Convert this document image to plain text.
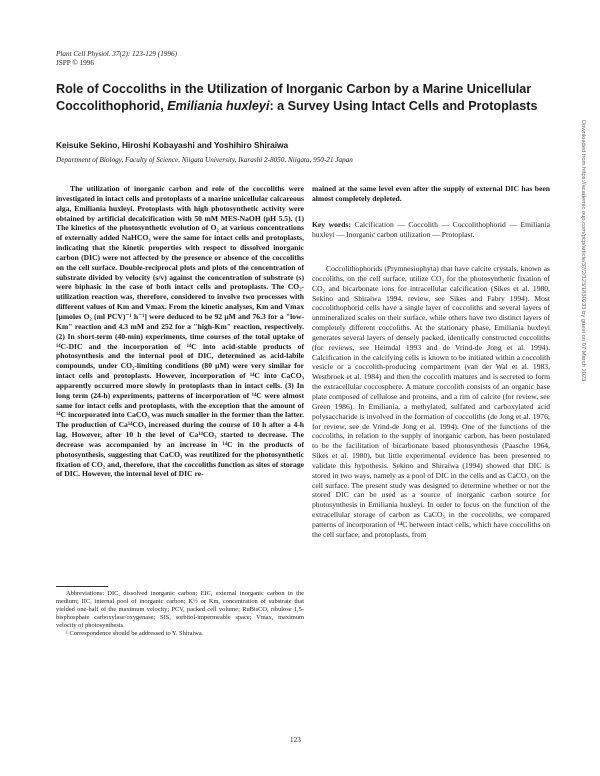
Plant Cell Physiol. 37(2): 123-129 (1996)
JSPP © 1996
Role of Coccoliths in the Utilization of Inorganic Carbon by a Marine Unicellular Coccolithophorid, Emiliania huxleyi: a Survey Using Intact Cells and Protoplasts
Keisuke Sekino, Hiroshi Kobayashi and Yoshihiro Shiraiwa
Department of Biology, Faculty of Science, Niigata University, Ikarashi 2-8050, Niigata, 950-21 Japan

The utilization of inorganic carbon and role of the coccoliths were investigated in intact cells and protoplasts of a marine unicellular calcareous alga, Emiliania huxleyi. Protoplasts with high photosynthetic activity were obtained by artificial decalcification with 50 mM MES-NaOH (pH 5.5). (1) The kinetics of the photosynthetic evolution of O₂ at various concentrations of externally added NaHCO₃ were the same for intact cells and protoplasts, indicating that the kinetic properties with respect to dissolved inorganic carbon (DIC) were not affected by the presence or absence of the coccoliths on the cell surface. Double-reciprocal plots and plots of the concentration of substrate divided by velocity (s/v) against the concentration of substrate (s) were biphasic in the case of both intact cells and protoplasts. The CO₂-utilization reaction was, therefore, considered to involve two processes with different values of Km and Vmax. From the kinetic analyses, Km and Vmax [μmoles O₂ (ml PCV)⁻¹ h⁻¹] were deduced to be 92 μM and 76.3 for a "low-Km" reaction and 4.3 mM and 252 for a "high-Km" reaction, respectively. (2) In short-term (40-min) experiments, time courses of the total uptake of ¹⁴C-DIC and the incorporation of ¹⁴C into acid-stable products of photosynthesis and the internal pool of DIC, determined as acid-labile compounds, under CO₂-limiting conditions (80 μM) were very similar for intact cells and protoplasts. However, incorporation of ¹⁴C into CaCO₃ apparently occurred more slowly in protoplasts than in intact cells. (3) In long term (24-h) experiments, patterns of incorporation of ¹⁴C were almost same for intact cells and protoplasts, with the exception that the amount of ¹⁴C incorporated into CaCO₃ was much smaller in the former than the latter. The production of Ca¹⁴CO₃ increased during the course of 10 h after a 4-h lag. However, after 10 h the level of Ca¹⁴CO₃ started to decrease. The decrease was accompanied by an increase in ¹⁴C in the products of photosynthesis, suggesting that CaCO₃ was reutilized for the photosynthetic fixation of CO₂ and, therefore, that the coccoliths function as sites of storage of DIC. However, the internal level of DIC re-

mained at the same level even after the supply of external DIC has been almost completely depleted.

Key words: Calcification — Coccolith — Coccolithophorid — Emiliania huxleyi — Inorganic carbon utilization — Protoplast.

Coccolithophorids (Prymnesiophyta) that have calcite crystals, known as coccoliths, on the cell surface, utilize CO₂ for the photosynthetic fixation of CO₂ and bicarbonate ions for intracellular calcification (Sikes et al. 1980, Sekino and Shiraiwa 1994, review, see Sikes and Fabry 1994). Most coccolithophorid cells have a single layer of coccoliths and several layers of unmineralized scales on their surface, while others have two distinct layers of completely different coccoliths. At the stationary phase, Emiliania huxleyi generates several layers of densely packed, identically constructed coccoliths (for reviews, see Heimdal 1993 and de Vrind-de Jong et al. 1994). Calcification in the calcifying cells is known to be initiated within a coccolith vesicle or a coccolith-producing compartment (van der Wal et al. 1983, Westbroek et al. 1984) and then the coccolith matures and is secreted to form the extracellular coccosphere. A mature coccolith consists of an organic base plate composed of cellulose and proteins, and a rim of calcite (for review, see Green 1986). In Emiliania, a methylated, sulfated and carboxylated acid polysaccharide is involved in the formation of coccoliths (de Jong et al. 1976; for review, see de Vrind-de Jong et al. 1994). One of the functions of the coccoliths, in relation to the supply of inorganic carbon, has been postulated to be the facilitation of bicarbonate based photosynthesis (Paasche 1964, Sikes et al. 1980), but little experimental evidence has been presented to validate this hypothesis. Sekino and Shiraiwa (1994) showed that DIC is stored in two ways, namely as a pool of DIC in the cells and as CaCO₃ on the cell surface. The present study was designed to determine whether or not the stored DIC can be used as a source of inorganic carbon source for photosynthesis in Emiliania huxleyi. In order to focus on the function of the extracellular storage of carbon as CaCO₃ in the coccoliths, we compared patterns of incorporation of ¹⁴C between intact cells, which have coccoliths on the cell surface, and protoplasts, from

Abbreviations: DIC, dissolved inorganic carbon; EIC, external inorganic carbon in the medium; IIC, internal pool of inorganic carbon; K½ or Km, concentration of substrate that yielded one-half of the maximum velocity; PCV, packed cell volume; RuBisCO, ribulose 1,5-bisphosphate carboxylase/oxygenase; SIS, sorbitol-impermeable space; Vmax, maximum velocity of photosynthesis.

¹ Correspondence should be addressed to Y. Shiraiwa.

123
Downloaded from https://academic.oup.com/pcp/article/37/2/123/1830233 by guest on 07 March 2023
